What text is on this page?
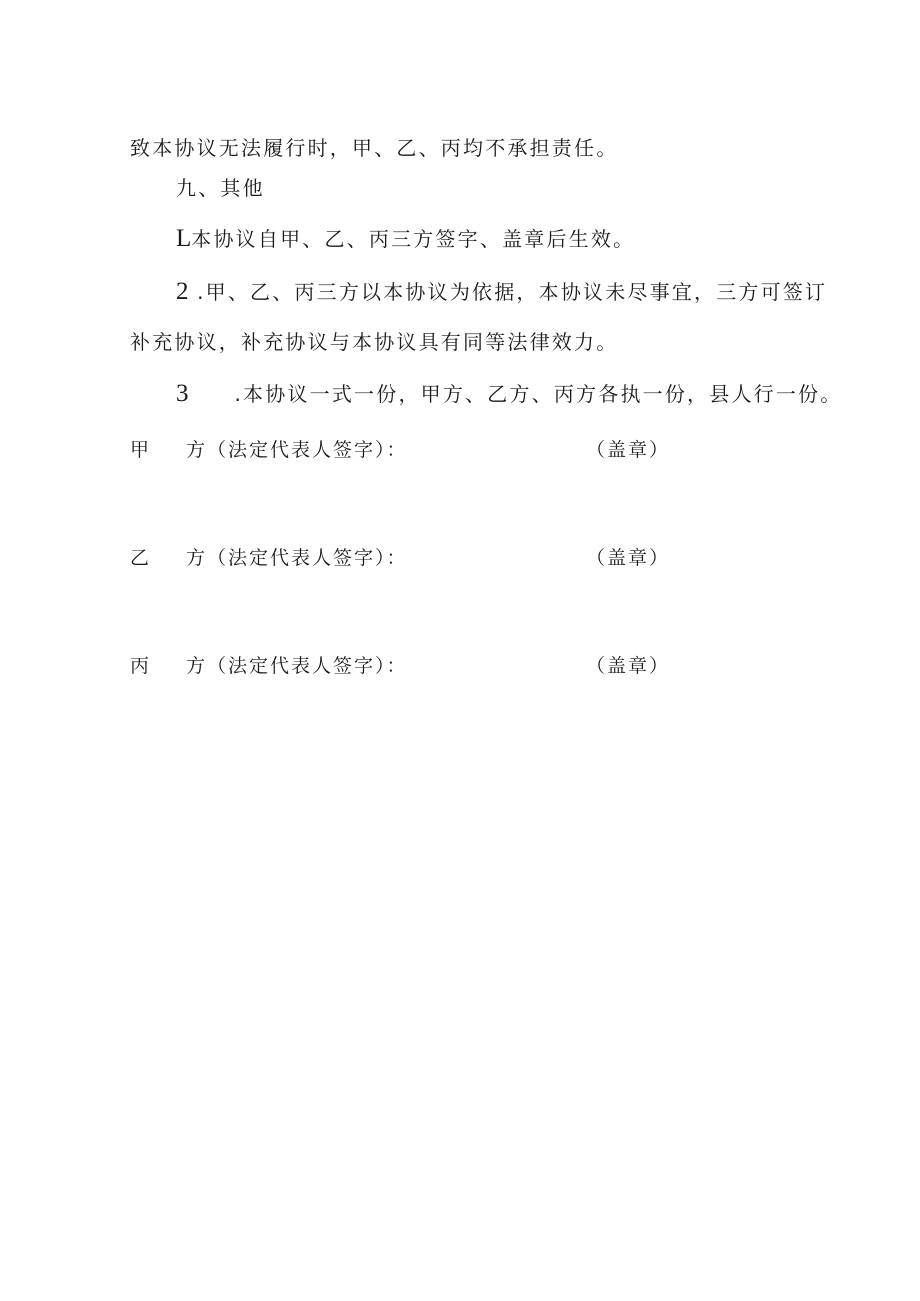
致本协议无法履行时，甲、乙、丙均不承担责任。
九、其他
L本协议自甲、乙、丙三方签字、盖章后生效。
2 .甲、乙、丙三方以本协议为依据，本协议未尽事宜，三方可签订
补充协议，补充协议与本协议具有同等法律效力。
3 .本协议一式一份，甲方、乙方、丙方各执一份，县人行一份。
甲 方（法定代表人签字）：	（盖章）
乙 方（法定代表人签字）：	（盖章）
丙 方（法定代表人签字）：	（盖章）
